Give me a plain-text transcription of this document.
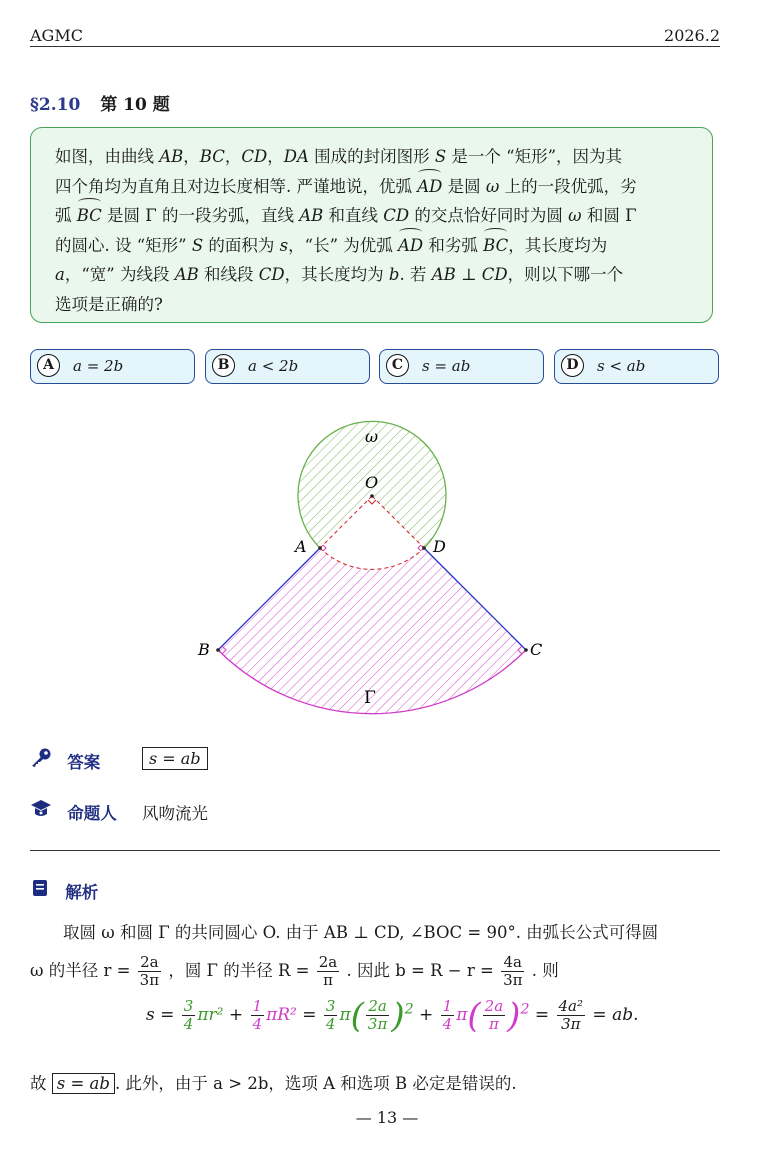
AGMC	2026.2
§2.10 第 10 题

如图，由曲线 AB，BC，CD，DA 围成的封闭图形 S 是一个 “矩形”，因为其

四个角均为直角且对边长度相等. 严谨地说，优弧 AD 是圆 ω 上的一段优弧，劣

弧 BC 是圆 Γ 的一段劣弧，直线 AB 和直线 CD 的交点恰好同时为圆 ω 和圆 Γ

的圆心. 设 “矩形” S 的面积为 s，“长” 为优弧 AD 和劣弧 BC，其长度均为

a，“宽” 为线段 AB 和线段 CD，其长度均为 b. 若 AB ⊥ CD，则以下哪一个

选项是正确的?

A	a = 2b	B	a < 2b	C	s = ab	D	s < ab
ω
O
A	D
B	C
Γ
答案	s = ab
命题人 风吻流光
解析
取圆 ω 和圆 Γ 的共同圆心 O. 由于 AB ⊥ CD, ∠BOC = 90°. 由弧长公式可得圆
ω 的半径 $r = \frac{2a}{3\pi}$ ，圆 Γ 的半径 $R = \frac{2a}{\pi}$ . 因此 $b = R - r = \frac{4a}{3\pi}$ . 则
$s = \frac{3}{4} \pi r^2 + \frac{1}{4} \pi R^2 = \frac{3}{4} \pi( \frac{2a}{3\pi} )^2 + \frac{1}{4} \pi( \frac{2a}{\pi} )^2 = \frac{\text{4a²}}{3\pi}$ = ab.
故 s = ab . 此外，由于 a > 2b，选项 A 和选项 B 必定是错误的.
— 13 —
